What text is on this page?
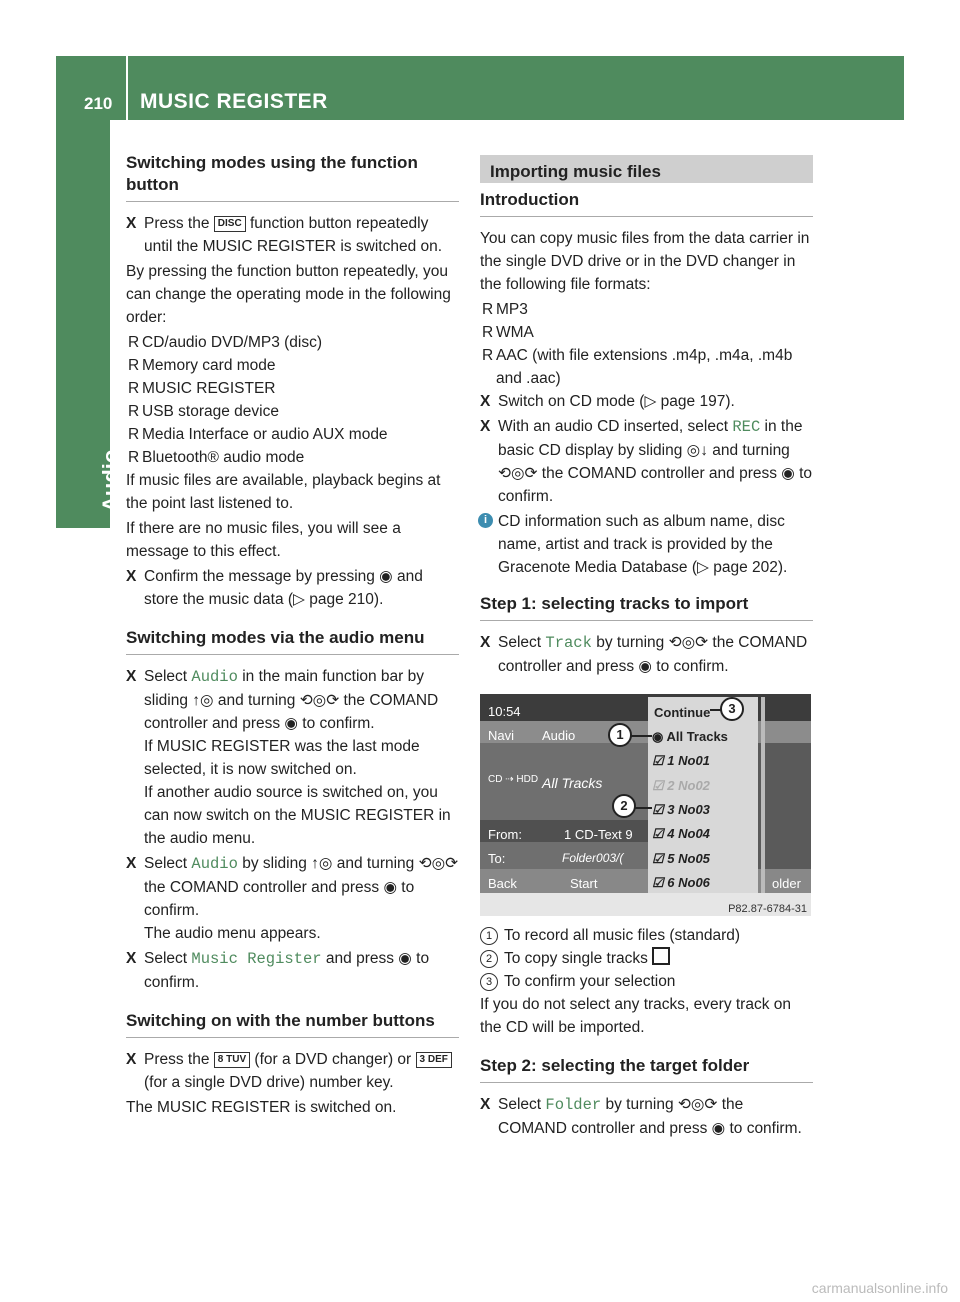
210 MUSIC REGISTER
Audio
Switching modes using the function button
X Press the DISC function button repeatedly until the MUSIC REGISTER is switched on.

By pressing the function button repeatedly, you can change the operating mode in the following order:

R CD/audio DVD/MP3 (disc)
R Memory card mode
R MUSIC REGISTER
R USB storage device
R Media Interface or audio AUX mode
R Bluetooth® audio mode

If music files are available, playback begins at the point last listened to.

If there are no music files, you will see a message to this effect.

X Confirm the message by pressing ◉ and store the music data (▷ page 210).
Switching modes via the audio menu
X Select Audio in the main function bar by sliding ↑◎ and turning ⟲◎⟳ the COMAND controller and press ◉ to confirm.
If MUSIC REGISTER was the last mode selected, it is now switched on.
If another audio source is switched on, you can now switch on the MUSIC REGISTER in the audio menu.
X Select Audio by sliding ↑◎ and turning ⟲◎⟳ the COMAND controller and press ◉ to confirm.
The audio menu appears.
X Select Music Register and press ◉ to confirm.
Switching on with the number buttons
X Press the 8 TUV (for a DVD changer) or 3 DEF (for a single DVD drive) number key.

The MUSIC REGISTER is switched on.

Importing music files
Introduction

You can copy music files from the data carrier in the single DVD drive or in the DVD changer in the following file formats:

R MP3
R WMA
R AAC (with file extensions .m4p, .m4a, .m4b and .aac)
X Switch on CD mode (▷ page 197).
X With an audio CD inserted, select REC in the basic CD display by sliding ◎↓ and turning ⟲◎⟳ the COMAND controller and press ◉ to confirm.
i CD information such as album name, disc name, artist and track is provided by the Gracenote Media Database (▷ page 202).
Step 1: selecting tracks to import
X Select Track by turning ⟲◎⟳ the COMAND controller and press ◉ to confirm.
10:54
Navi Audio
CD ⇢ HDD All Tracks
From:	1 CD-Text 9
To:	Folder003/(
Back	Start	older
Continue
◉ All Tracks
☑ 1 No01
☑ 2 No02
☑ 3 No03
☑ 4 No04
☑ 5 No05
☑ 6 No06
P82.87-6784-31
1
2
3
1 To record all music files (standard)
2 To copy single tracks
3 To confirm your selection

If you do not select any tracks, every track on the CD will be imported.

Step 2: selecting the target folder
X Select Folder by turning ⟲◎⟳ the COMAND controller and press ◉ to confirm.
carmanualsonline.info
